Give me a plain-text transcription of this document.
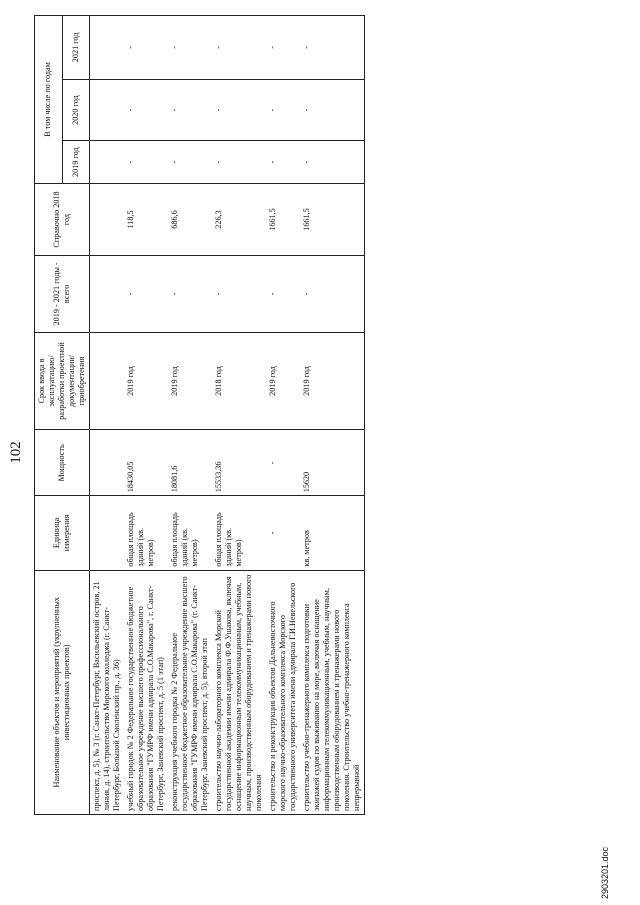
102
Наименование объектов и мероприятий (укрупненных инвестиционных проектов)	Единица измерения	Мощность	Срок ввода в эксплуатацию/ разработки проектной документации/ приобретения	2019 - 2021 годы - всего	Справочно 2018 год	В том числе по годам		
						2019 год	2020 год	2021 год
проспект, д. 5), № 3 (г. Санкт-Петербург, Васильевский остров, 21 линия, д. 14), строительство Морского колледжа (г. Санкт-Петербург, Большой Смоленский пр., д. 36)								
учебный городок № 2 Федеральное государственное бюджетное образовательное учреждение высшего профессионального образования "ГУМРФ имени адмирала С.О.Макарова", г. Санкт-Петербург, Заневский проспект, д. 5 (1 этап)	общая площадь зданий (кв. метров)	18430,05	2019 год	-	118,5	-	-	-
реконструкция учебного городка № 2 Федеральное государственное бюджетное образовательное учреждение высшего образования "ГУМРФ имени адмирала С.О.Макарова" (г. Санкт-Петербург, Заневский проспект, д. 5), второй этап	общая площадь зданий (кв. метров)	18081,6	2019 год	-	686,6	-	-	-
строительство научно-лабораторного комплекса Морской государственной академии имени адмирала Ф.Ф.Ушакова, включая оснащение информационным телекоммуникационным, учебным, научным, производственным оборудованием и тренажерами нового поколения	общая площадь зданий (кв. метров)	15533,36	2018 год	-	226,3	-	-	-
строительство и реконструкция объектов Дальневосточного морского научно-образовательного комплекса Морского государственного университета имени адмирала Г.И.Невельского	-	-	2019 год	-	1661,5	-	-	-
строительство учебно-тренажерного комплекса подготовки экипажей судов по выживанию на море, включая оснащение информационным телекоммуникационным, учебным, научным, производственным оборудованием и тренажерами нового поколения. Строительство учебно-тренажерного комплекса непрерывной	кв. метров	15620	2019 год	-	1661,5	-	-	-
2903201.doc
